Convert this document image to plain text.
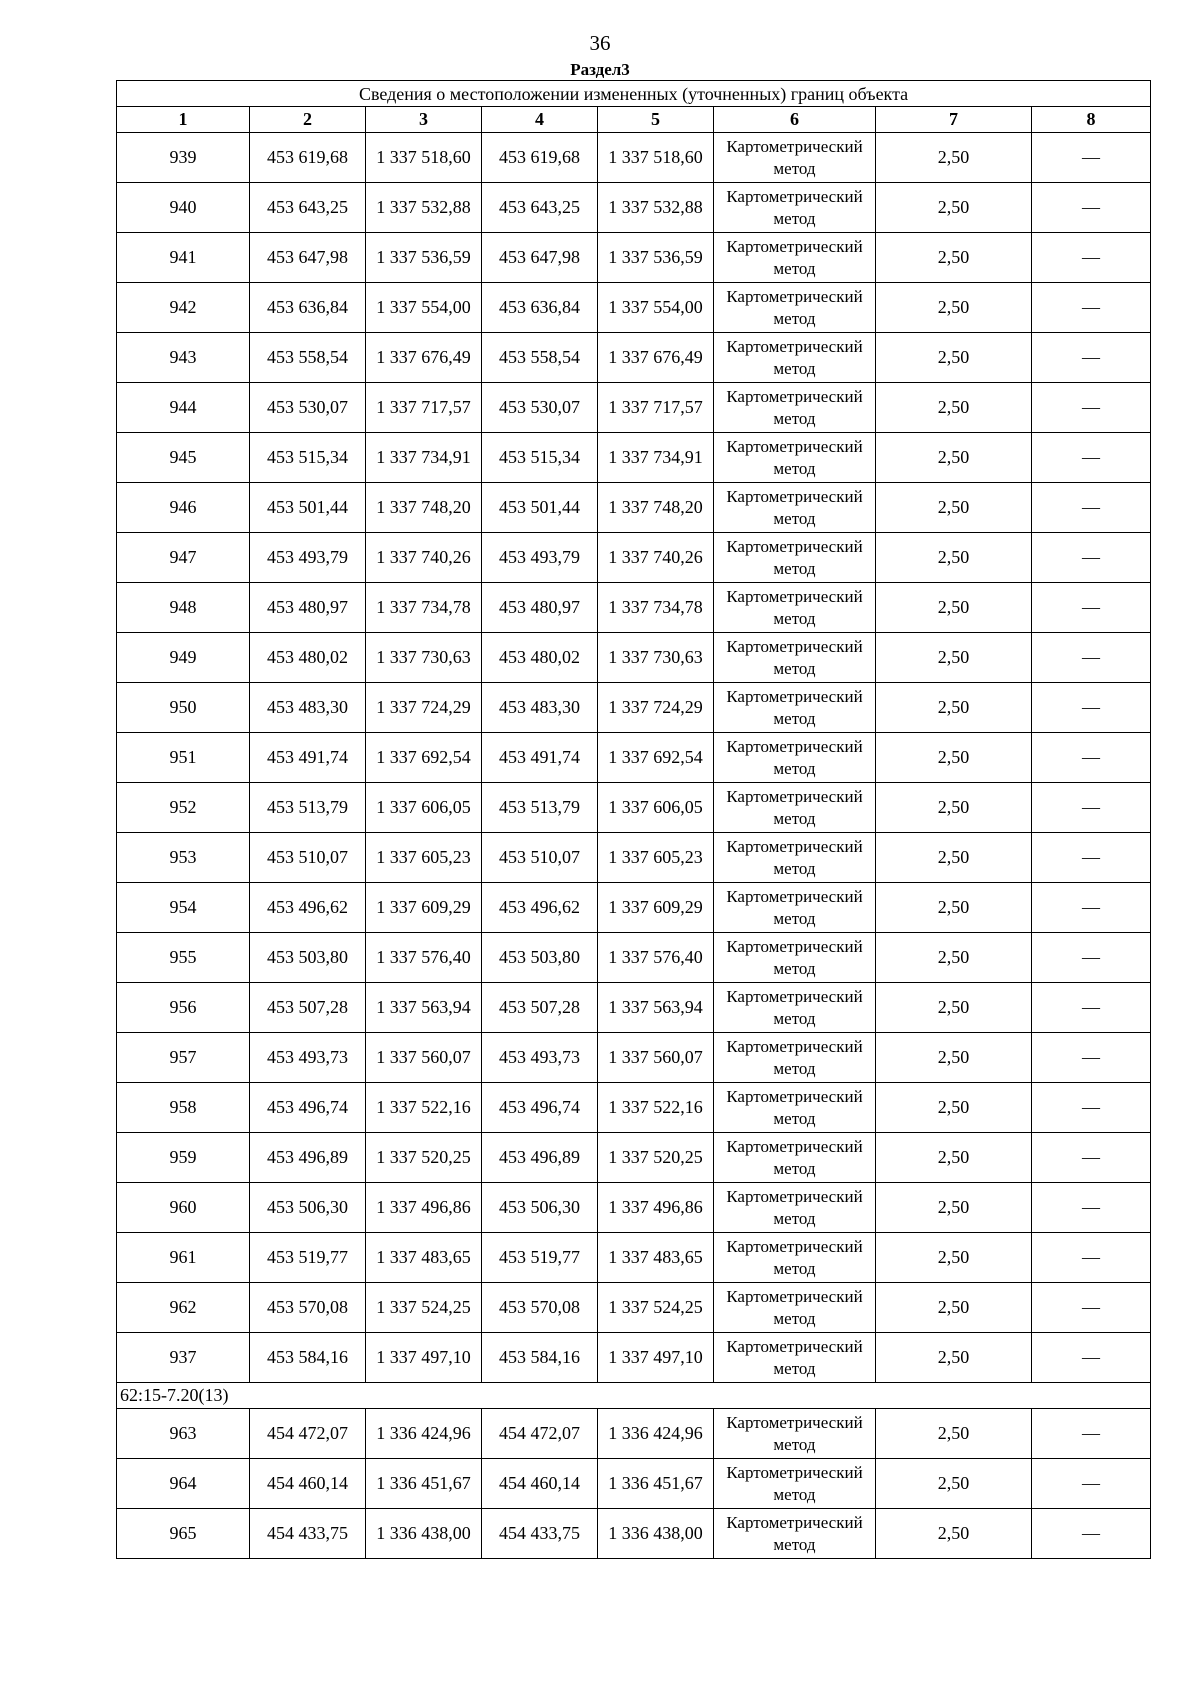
36
Раздел3
Сведения о местоположении измененных (уточненных) границ объекта							
1	2	3	4	5	6	7	8
939	453 619,68	1 337 518,60	453 619,68	1 337 518,60	Картометрический метод	2,50	—
940	453 643,25	1 337 532,88	453 643,25	1 337 532,88	Картометрический метод	2,50	—
941	453 647,98	1 337 536,59	453 647,98	1 337 536,59	Картометрический метод	2,50	—
942	453 636,84	1 337 554,00	453 636,84	1 337 554,00	Картометрический метод	2,50	—
943	453 558,54	1 337 676,49	453 558,54	1 337 676,49	Картометрический метод	2,50	—
944	453 530,07	1 337 717,57	453 530,07	1 337 717,57	Картометрический метод	2,50	—
945	453 515,34	1 337 734,91	453 515,34	1 337 734,91	Картометрический метод	2,50	—
946	453 501,44	1 337 748,20	453 501,44	1 337 748,20	Картометрический метод	2,50	—
947	453 493,79	1 337 740,26	453 493,79	1 337 740,26	Картометрический метод	2,50	—
948	453 480,97	1 337 734,78	453 480,97	1 337 734,78	Картометрический метод	2,50	—
949	453 480,02	1 337 730,63	453 480,02	1 337 730,63	Картометрический метод	2,50	—
950	453 483,30	1 337 724,29	453 483,30	1 337 724,29	Картометрический метод	2,50	—
951	453 491,74	1 337 692,54	453 491,74	1 337 692,54	Картометрический метод	2,50	—
952	453 513,79	1 337 606,05	453 513,79	1 337 606,05	Картометрический метод	2,50	—
953	453 510,07	1 337 605,23	453 510,07	1 337 605,23	Картометрический метод	2,50	—
954	453 496,62	1 337 609,29	453 496,62	1 337 609,29	Картометрический метод	2,50	—
955	453 503,80	1 337 576,40	453 503,80	1 337 576,40	Картометрический метод	2,50	—
956	453 507,28	1 337 563,94	453 507,28	1 337 563,94	Картометрический метод	2,50	—
957	453 493,73	1 337 560,07	453 493,73	1 337 560,07	Картометрический метод	2,50	—
958	453 496,74	1 337 522,16	453 496,74	1 337 522,16	Картометрический метод	2,50	—
959	453 496,89	1 337 520,25	453 496,89	1 337 520,25	Картометрический метод	2,50	—
960	453 506,30	1 337 496,86	453 506,30	1 337 496,86	Картометрический метод	2,50	—
961	453 519,77	1 337 483,65	453 519,77	1 337 483,65	Картометрический метод	2,50	—
962	453 570,08	1 337 524,25	453 570,08	1 337 524,25	Картометрический метод	2,50	—
937	453 584,16	1 337 497,10	453 584,16	1 337 497,10	Картометрический метод	2,50	—
62:15-7.20(13)							
963	454 472,07	1 336 424,96	454 472,07	1 336 424,96	Картометрический метод	2,50	—
964	454 460,14	1 336 451,67	454 460,14	1 336 451,67	Картометрический метод	2,50	—
965	454 433,75	1 336 438,00	454 433,75	1 336 438,00	Картометрический метод	2,50	—
